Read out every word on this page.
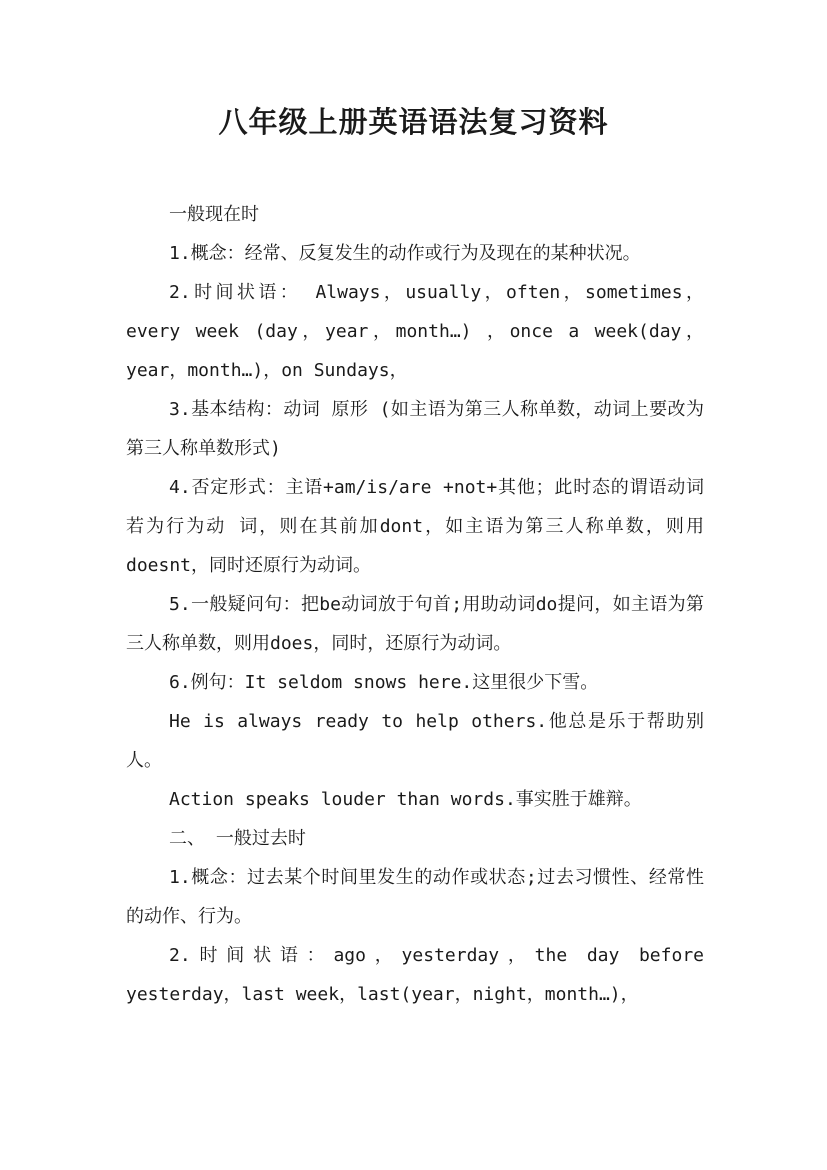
八年级上册英语语法复习资料

一般现在时

1.概念：经常、反复发生的动作或行为及现在的某种状况。

2.时间状语： Always，usually，often，sometimes，every week (day，year，month…) ，once a week(day，year，month…)，on Sundays，

3.基本结构：动词 原形 (如主语为第三人称单数，动词上要改为第三人称单数形式)

4.否定形式：主语+am/is/are +not+其他；此时态的谓语动词若为行为动 词，则在其前加dont，如主语为第三人称单数，则用doesnt，同时还原行为动词。

5.一般疑问句：把be动词放于句首;用助动词do提问，如主语为第三人称单数，则用does，同时，还原行为动词。

6.例句：It seldom snows here.这里很少下雪。

He is always ready to help others.他总是乐于帮助别人。

Action speaks louder than words.事实胜于雄辩。

二、 一般过去时

1.概念：过去某个时间里发生的动作或状态;过去习惯性、经常性的动作、行为。

2.时间状语：ago，yesterday，the day before yesterday，last week，last(year，night，month…)，
